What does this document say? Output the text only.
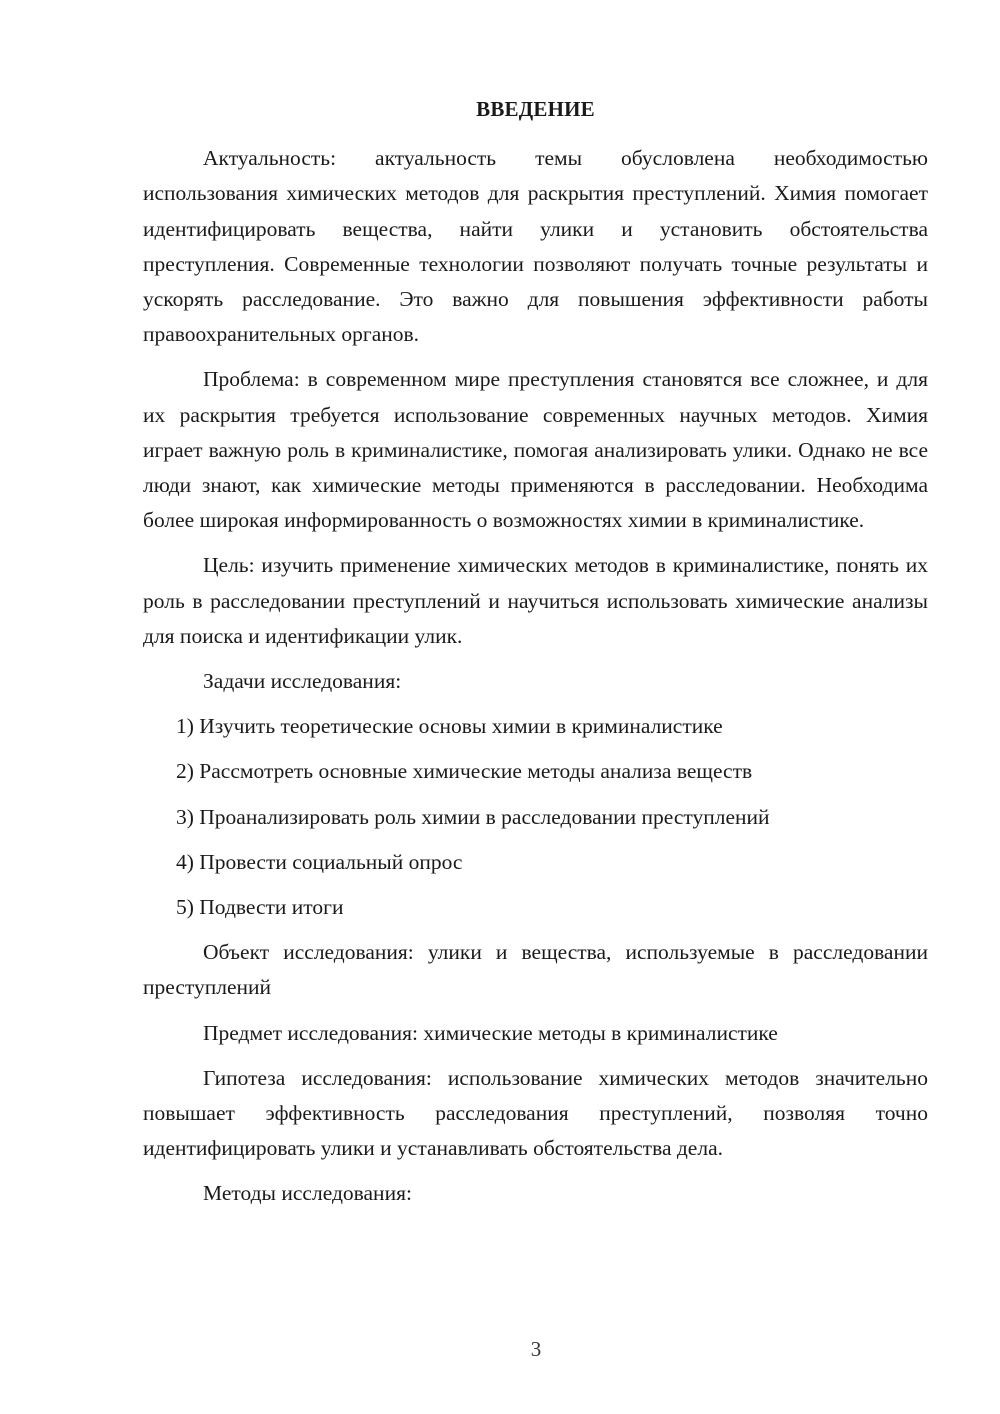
ВВЕДЕНИЕ

Актуальность: актуальность темы обусловлена необходимостью использования химических методов для раскрытия преступлений. Химия помогает идентифицировать вещества, найти улики и установить обстоятельства преступления. Современные технологии позволяют получать точные результаты и ускорять расследование. Это важно для повышения эффективности работы правоохранительных органов.

Проблема: в современном мире преступления становятся все сложнее, и для их раскрытия требуется использование современных научных методов. Химия играет важную роль в криминалистике, помогая анализировать улики. Однако не все люди знают, как химические методы применяются в расследовании. Необходима более широкая информированность о возможностях химии в криминалистике.

Цель: изучить применение химических методов в криминалистике, понять их роль в расследовании преступлений и научиться использовать химические анализы для поиска и идентификации улик.

Задачи исследования:

1) Изучить теоретические основы химии в криминалистике

2) Рассмотреть основные химические методы анализа веществ

3) Проанализировать роль химии в расследовании преступлений

4) Провести социальный опрос

5) Подвести итоги

Объект исследования: улики и вещества, используемые в расследовании преступлений

Предмет исследования: химические методы в криминалистике

Гипотеза исследования: использование химических методов значительно повышает эффективность расследования преступлений, позволяя точно идентифицировать улики и устанавливать обстоятельства дела.

Методы исследования:

3
